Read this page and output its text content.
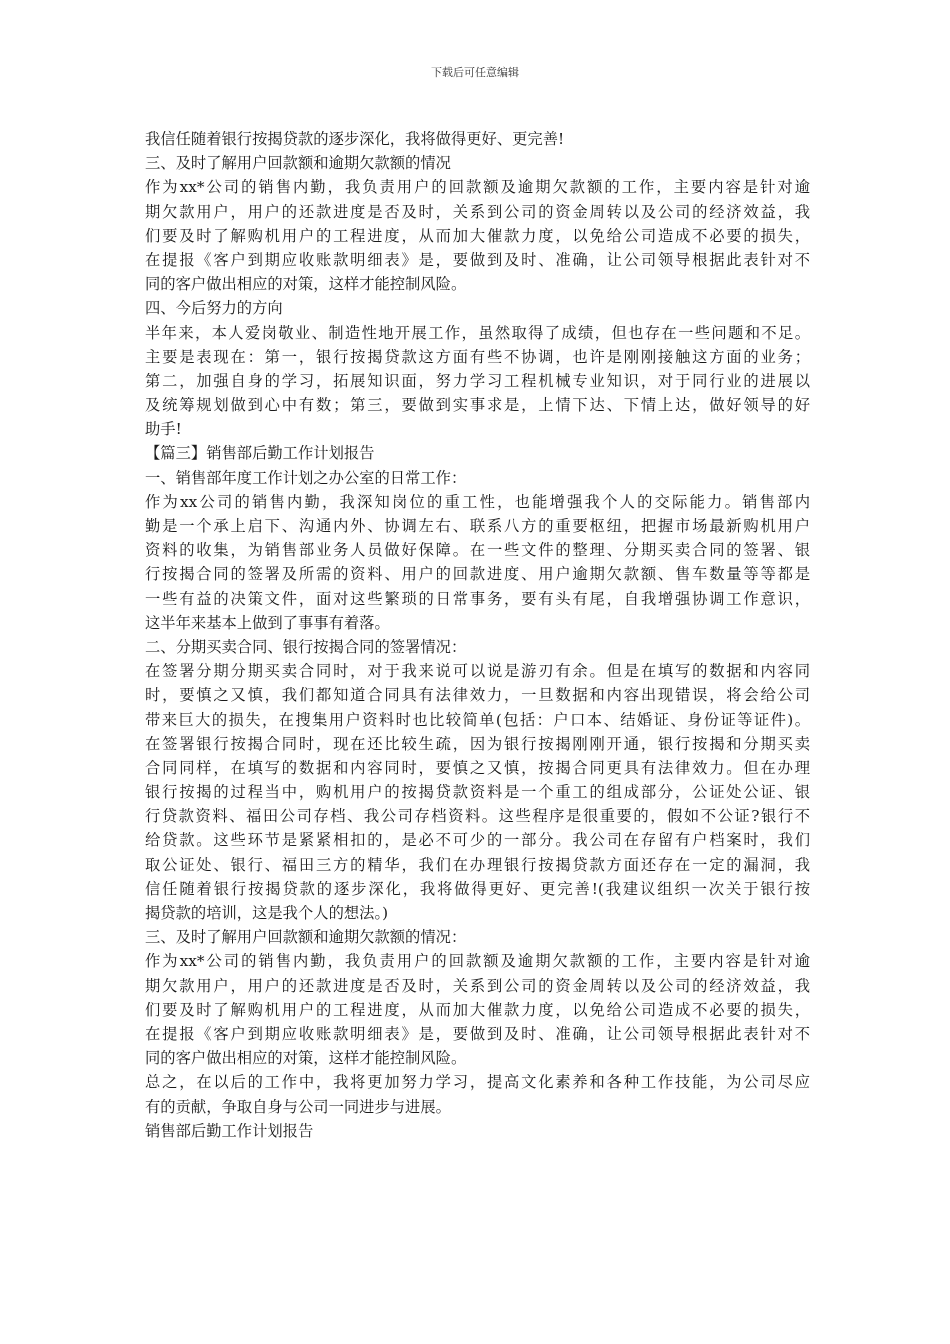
下载后可任意编辑
我信任随着银行按揭贷款的逐步深化，我将做得更好、更完善!
三、及时了解用户回款额和逾期欠款额的情况
作为xx*公司的销售内勤，我负责用户的回款额及逾期欠款额的工作，主要内容是针对逾
期欠款用户，用户的还款进度是否及时，关系到公司的资金周转以及公司的经济效益，我
们要及时了解购机用户的工程进度，从而加大催款力度，以免给公司造成不必要的损失，
在提报《客户到期应收账款明细表》是，要做到及时、准确，让公司领导根据此表针对不
同的客户做出相应的对策，这样才能控制风险。
四、今后努力的方向
半年来，本人爱岗敬业、制造性地开展工作，虽然取得了成绩，但也存在一些问题和不足。
主要是表现在：第一，银行按揭贷款这方面有些不协调，也许是刚刚接触这方面的业务；
第二，加强自身的学习，拓展知识面，努力学习工程机械专业知识，对于同行业的进展以
及统筹规划做到心中有数；第三，要做到实事求是，上情下达、下情上达，做好领导的好
助手!
【篇三】销售部后勤工作计划报告
一、销售部年度工作计划之办公室的日常工作：
作为xx公司的销售内勤，我深知岗位的重工性，也能增强我个人的交际能力。销售部内
勤是一个承上启下、沟通内外、协调左右、联系八方的重要枢纽，把握市场最新购机用户
资料的收集，为销售部业务人员做好保障。在一些文件的整理、分期买卖合同的签署、银
行按揭合同的签署及所需的资料、用户的回款进度、用户逾期欠款额、售车数量等等都是
一些有益的决策文件，面对这些繁琐的日常事务，要有头有尾，自我增强协调工作意识，
这半年来基本上做到了事事有着落。
二、分期买卖合同、银行按揭合同的签署情况：
在签署分期分期买卖合同时，对于我来说可以说是游刃有余。但是在填写的数据和内容同
时，要慎之又慎，我们都知道合同具有法律效力，一旦数据和内容出现错误，将会给公司
带来巨大的损失，在搜集用户资料时也比较简单(包括：户口本、结婚证、身份证等证件)。
在签署银行按揭合同时，现在还比较生疏，因为银行按揭刚刚开通，银行按揭和分期买卖
合同同样，在填写的数据和内容同时，要慎之又慎，按揭合同更具有法律效力。但在办理
银行按揭的过程当中，购机用户的按揭贷款资料是一个重工的组成部分，公证处公证、银
行贷款资料、福田公司存档、我公司存档资料。这些程序是很重要的，假如不公证?银行不
给贷款。这些环节是紧紧相扣的，是必不可少的一部分。我公司在存留有户档案时，我们
取公证处、银行、福田三方的精华，我们在办理银行按揭贷款方面还存在一定的漏洞，我
信任随着银行按揭贷款的逐步深化，我将做得更好、更完善!(我建议组织一次关于银行按
揭贷款的培训，这是我个人的想法。)
三、及时了解用户回款额和逾期欠款额的情况：
作为xx*公司的销售内勤，我负责用户的回款额及逾期欠款额的工作，主要内容是针对逾
期欠款用户，用户的还款进度是否及时，关系到公司的资金周转以及公司的经济效益，我
们要及时了解购机用户的工程进度，从而加大催款力度，以免给公司造成不必要的损失，
在提报《客户到期应收账款明细表》是，要做到及时、准确，让公司领导根据此表针对不
同的客户做出相应的对策，这样才能控制风险。
总之，在以后的工作中，我将更加努力学习，提高文化素养和各种工作技能，为公司尽应
有的贡献，争取自身与公司一同进步与进展。
销售部后勤工作计划报告
